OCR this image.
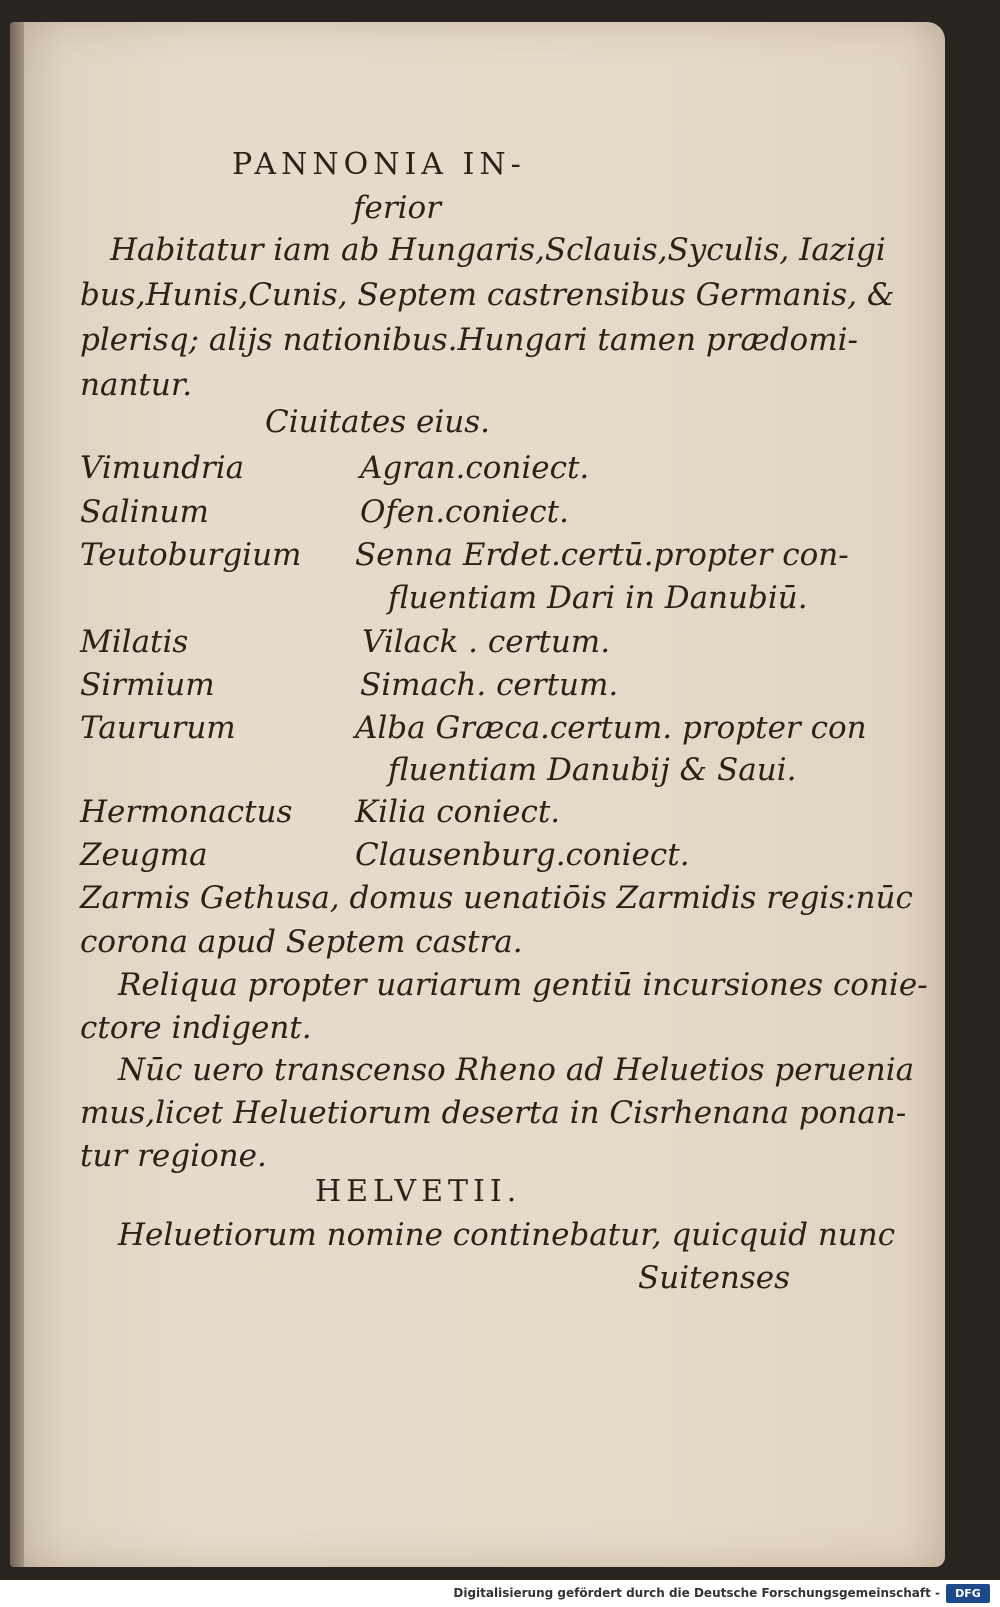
PANNONIA IN-
ferior
Habitatur iam ab Hungaris,Sclauis,Syculis, Iazigi
bus,Hunis,Cunis, Septem castrensibus Germanis, &
plerisq; alijs nationibus.Hungari tamen prædomi-
nantur.
Ciuitates eius.
Vimundria	Agran.coniect.
Salinum	Ofen.coniect.
Teutoburgium Senna Erdet.certū.propter con-
fluentiam Dari in Danubiū.
Milatis	Vilack . certum.
Sirmium	Simach. certum.
Taururum	Alba Græca.certum. propter con
fluentiam Danubij & Saui.
Hermonactus Kilia coniect.
Zeugma	Clausenburg.coniect.
Zarmis Gethusa, domus uenatiōis Zarmidis regis:nūc
corona apud Septem castra.
Reliqua propter uariarum gentiū incursiones conie-
ctore indigent.
Nūc uero transcenso Rheno ad Heluetios peruenia
mus,licet Heluetiorum deserta in Cisrhenana ponan-
tur regione.
HELVETII.
Heluetiorum nomine continebatur, quicquid nunc
Suitenses
Digitalisierung gefördert durch die Deutsche Forschungsgemeinschaft -	DFG
